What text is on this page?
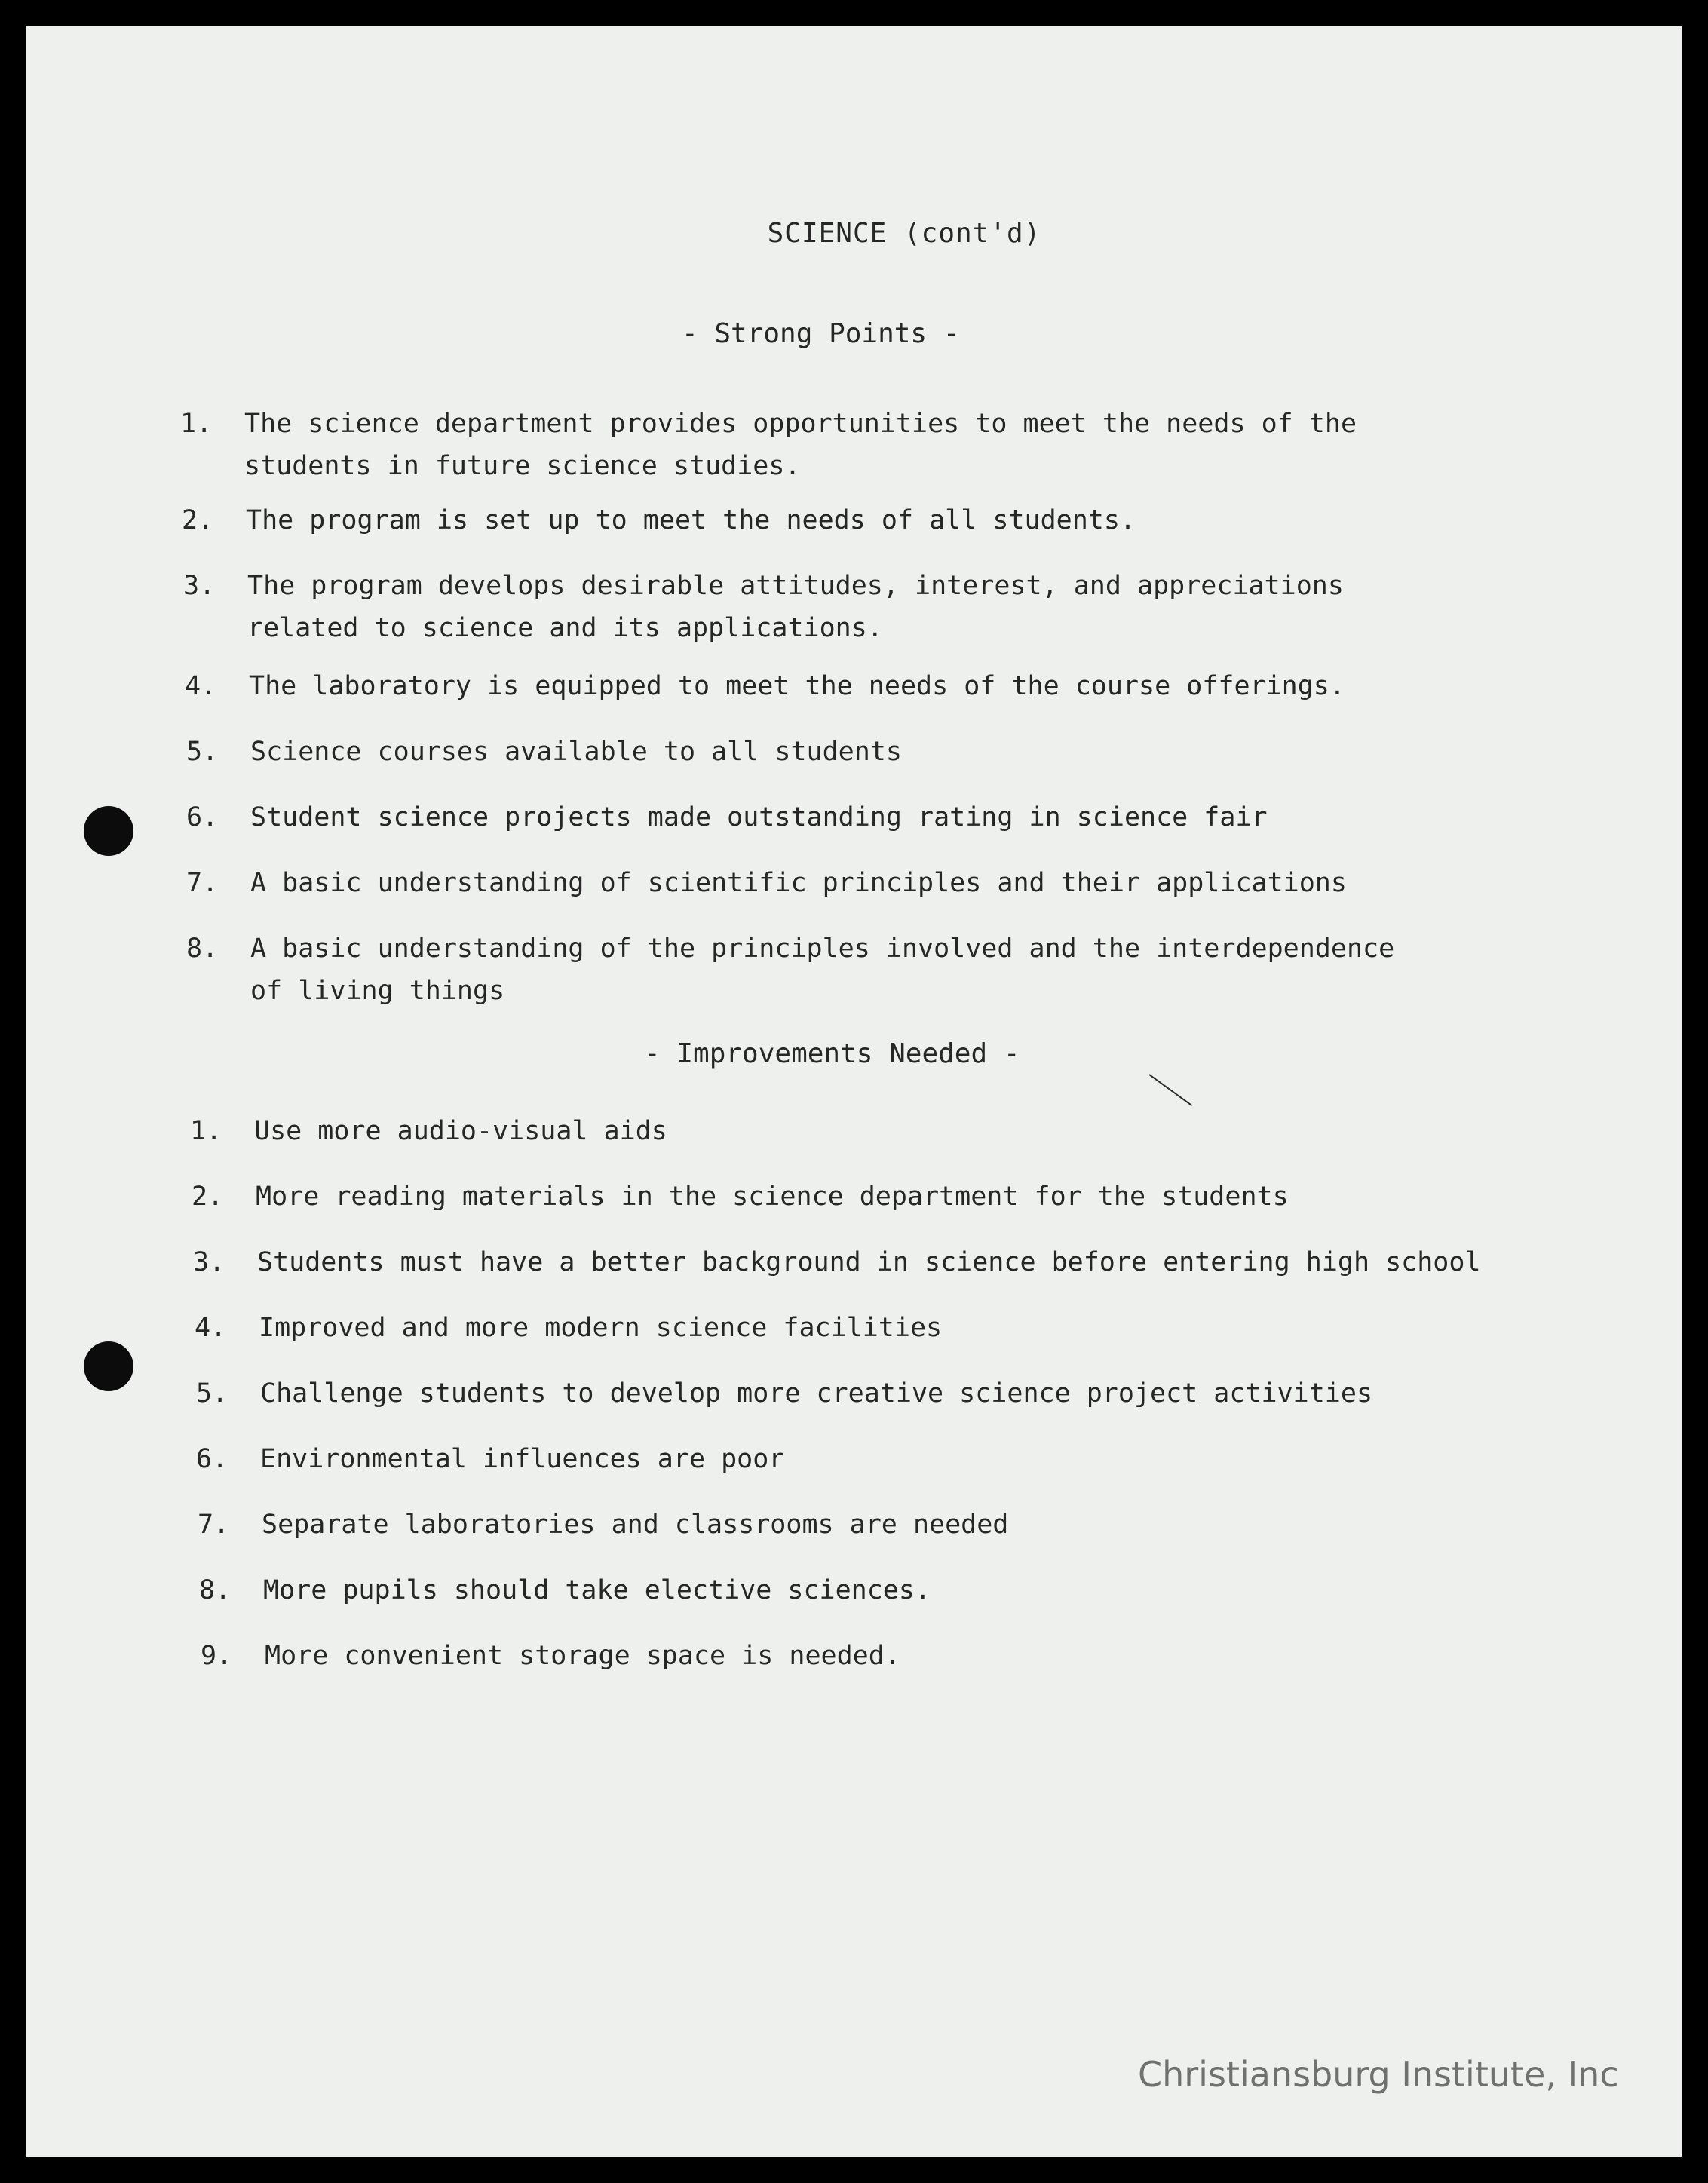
SCIENCE (cont'd)
- Strong Points -
1. The science department provides opportunities to meet the needs of the
students in future science studies.
2. The program is set up to meet the needs of all students.
3. The program develops desirable attitudes, interest, and appreciations
related to science and its applications.
4. The laboratory is equipped to meet the needs of the course offerings.
5. Science courses available to all students
6. Student science projects made outstanding rating in science fair
7. A basic understanding of scientific principles and their applications
8. A basic understanding of the principles involved and the interdependence
of living things
- Improvements Needed -
1. Use more audio-visual aids
2. More reading materials in the science department for the students
3. Students must have a better background in science before entering high school
4. Improved and more modern science facilities
5. Challenge students to develop more creative science project activities
6. Environmental influences are poor
7. Separate laboratories and classrooms are needed
8. More pupils should take elective sciences.
9. More convenient storage space is needed.
Christiansburg Institute, Inc
